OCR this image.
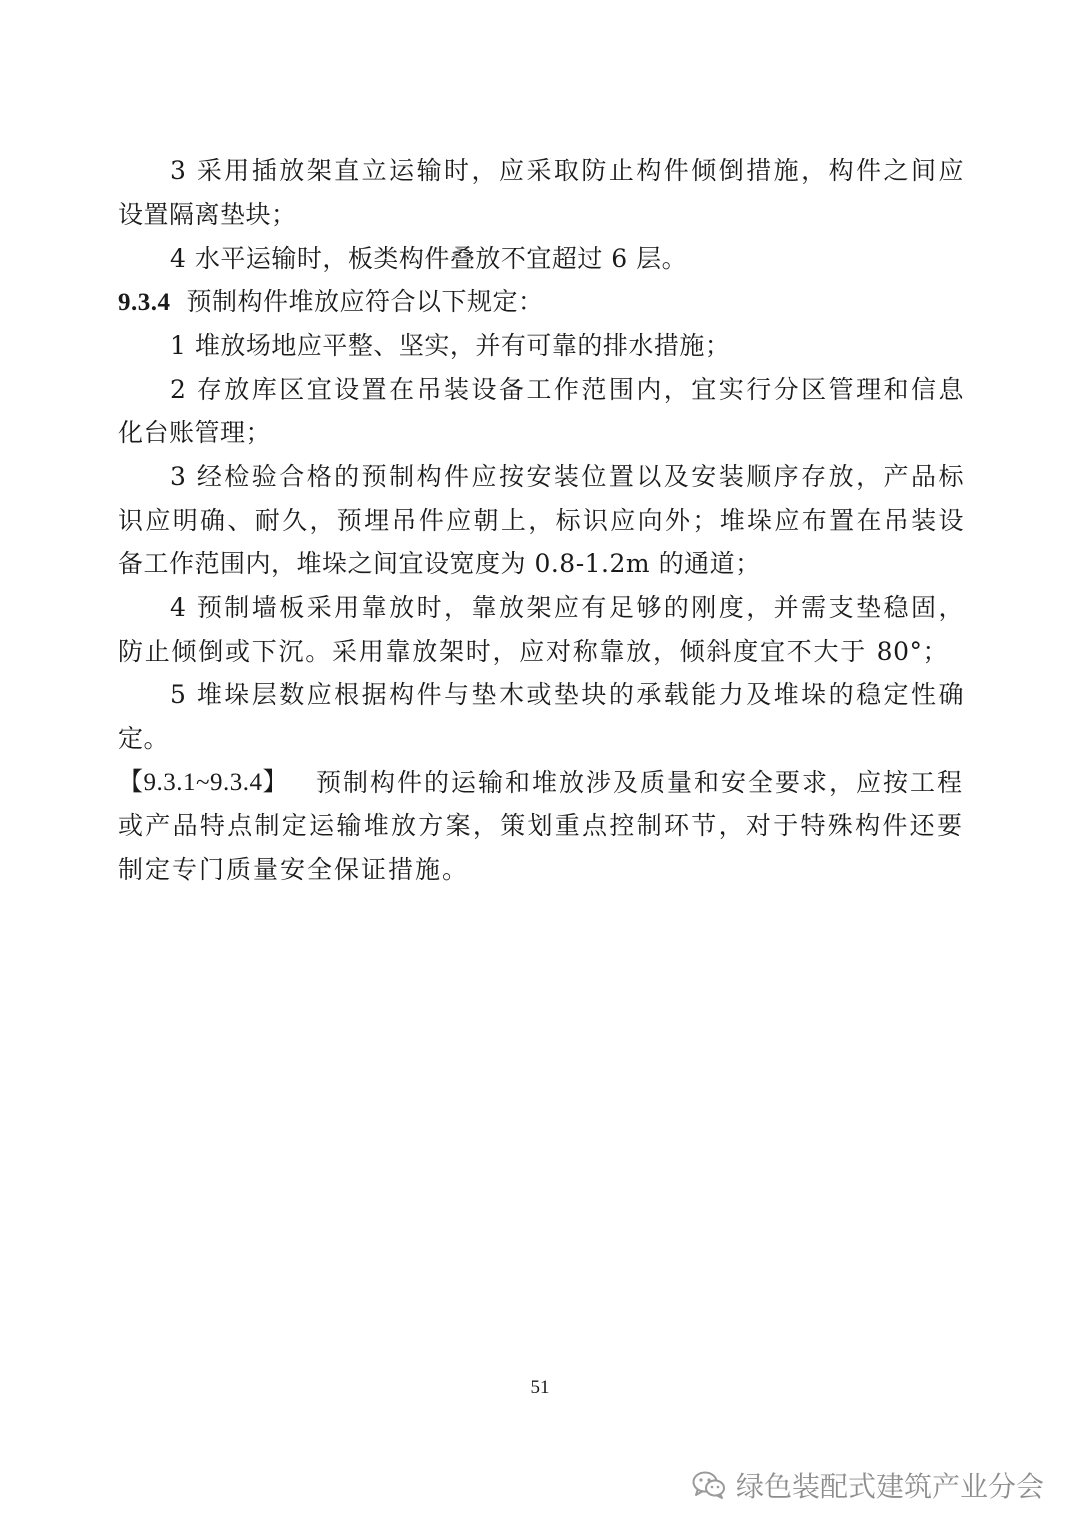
3 采用插放架直立运输时，应采取防止构件倾倒措施，构件之间应
设置隔离垫块；
4 水平运输时，板类构件叠放不宜超过 6 层。
9.3.4 预制构件堆放应符合以下规定：
1 堆放场地应平整、坚实，并有可靠的排水措施；
2 存放库区宜设置在吊装设备工作范围内，宜实行分区管理和信息
化台账管理；
3 经检验合格的预制构件应按安装位置以及安装顺序存放，产品标
识应明确、耐久，预埋吊件应朝上，标识应向外；堆垛应布置在吊装设
备工作范围内，堆垛之间宜设宽度为 0.8-1.2m 的通道；
4 预制墙板采用靠放时，靠放架应有足够的刚度，并需支垫稳固，
防止倾倒或下沉。采用靠放架时，应对称靠放，倾斜度宜不大于 80°；
5 堆垛层数应根据构件与垫木或垫块的承载能力及堆垛的稳定性确
定。
【9.3.1~9.3.4】 预制构件的运输和堆放涉及质量和安全要求，应按工程
或产品特点制定运输堆放方案，策划重点控制环节，对于特殊构件还要
制定专门质量安全保证措施。
51
绿色装配式建筑产业分会
